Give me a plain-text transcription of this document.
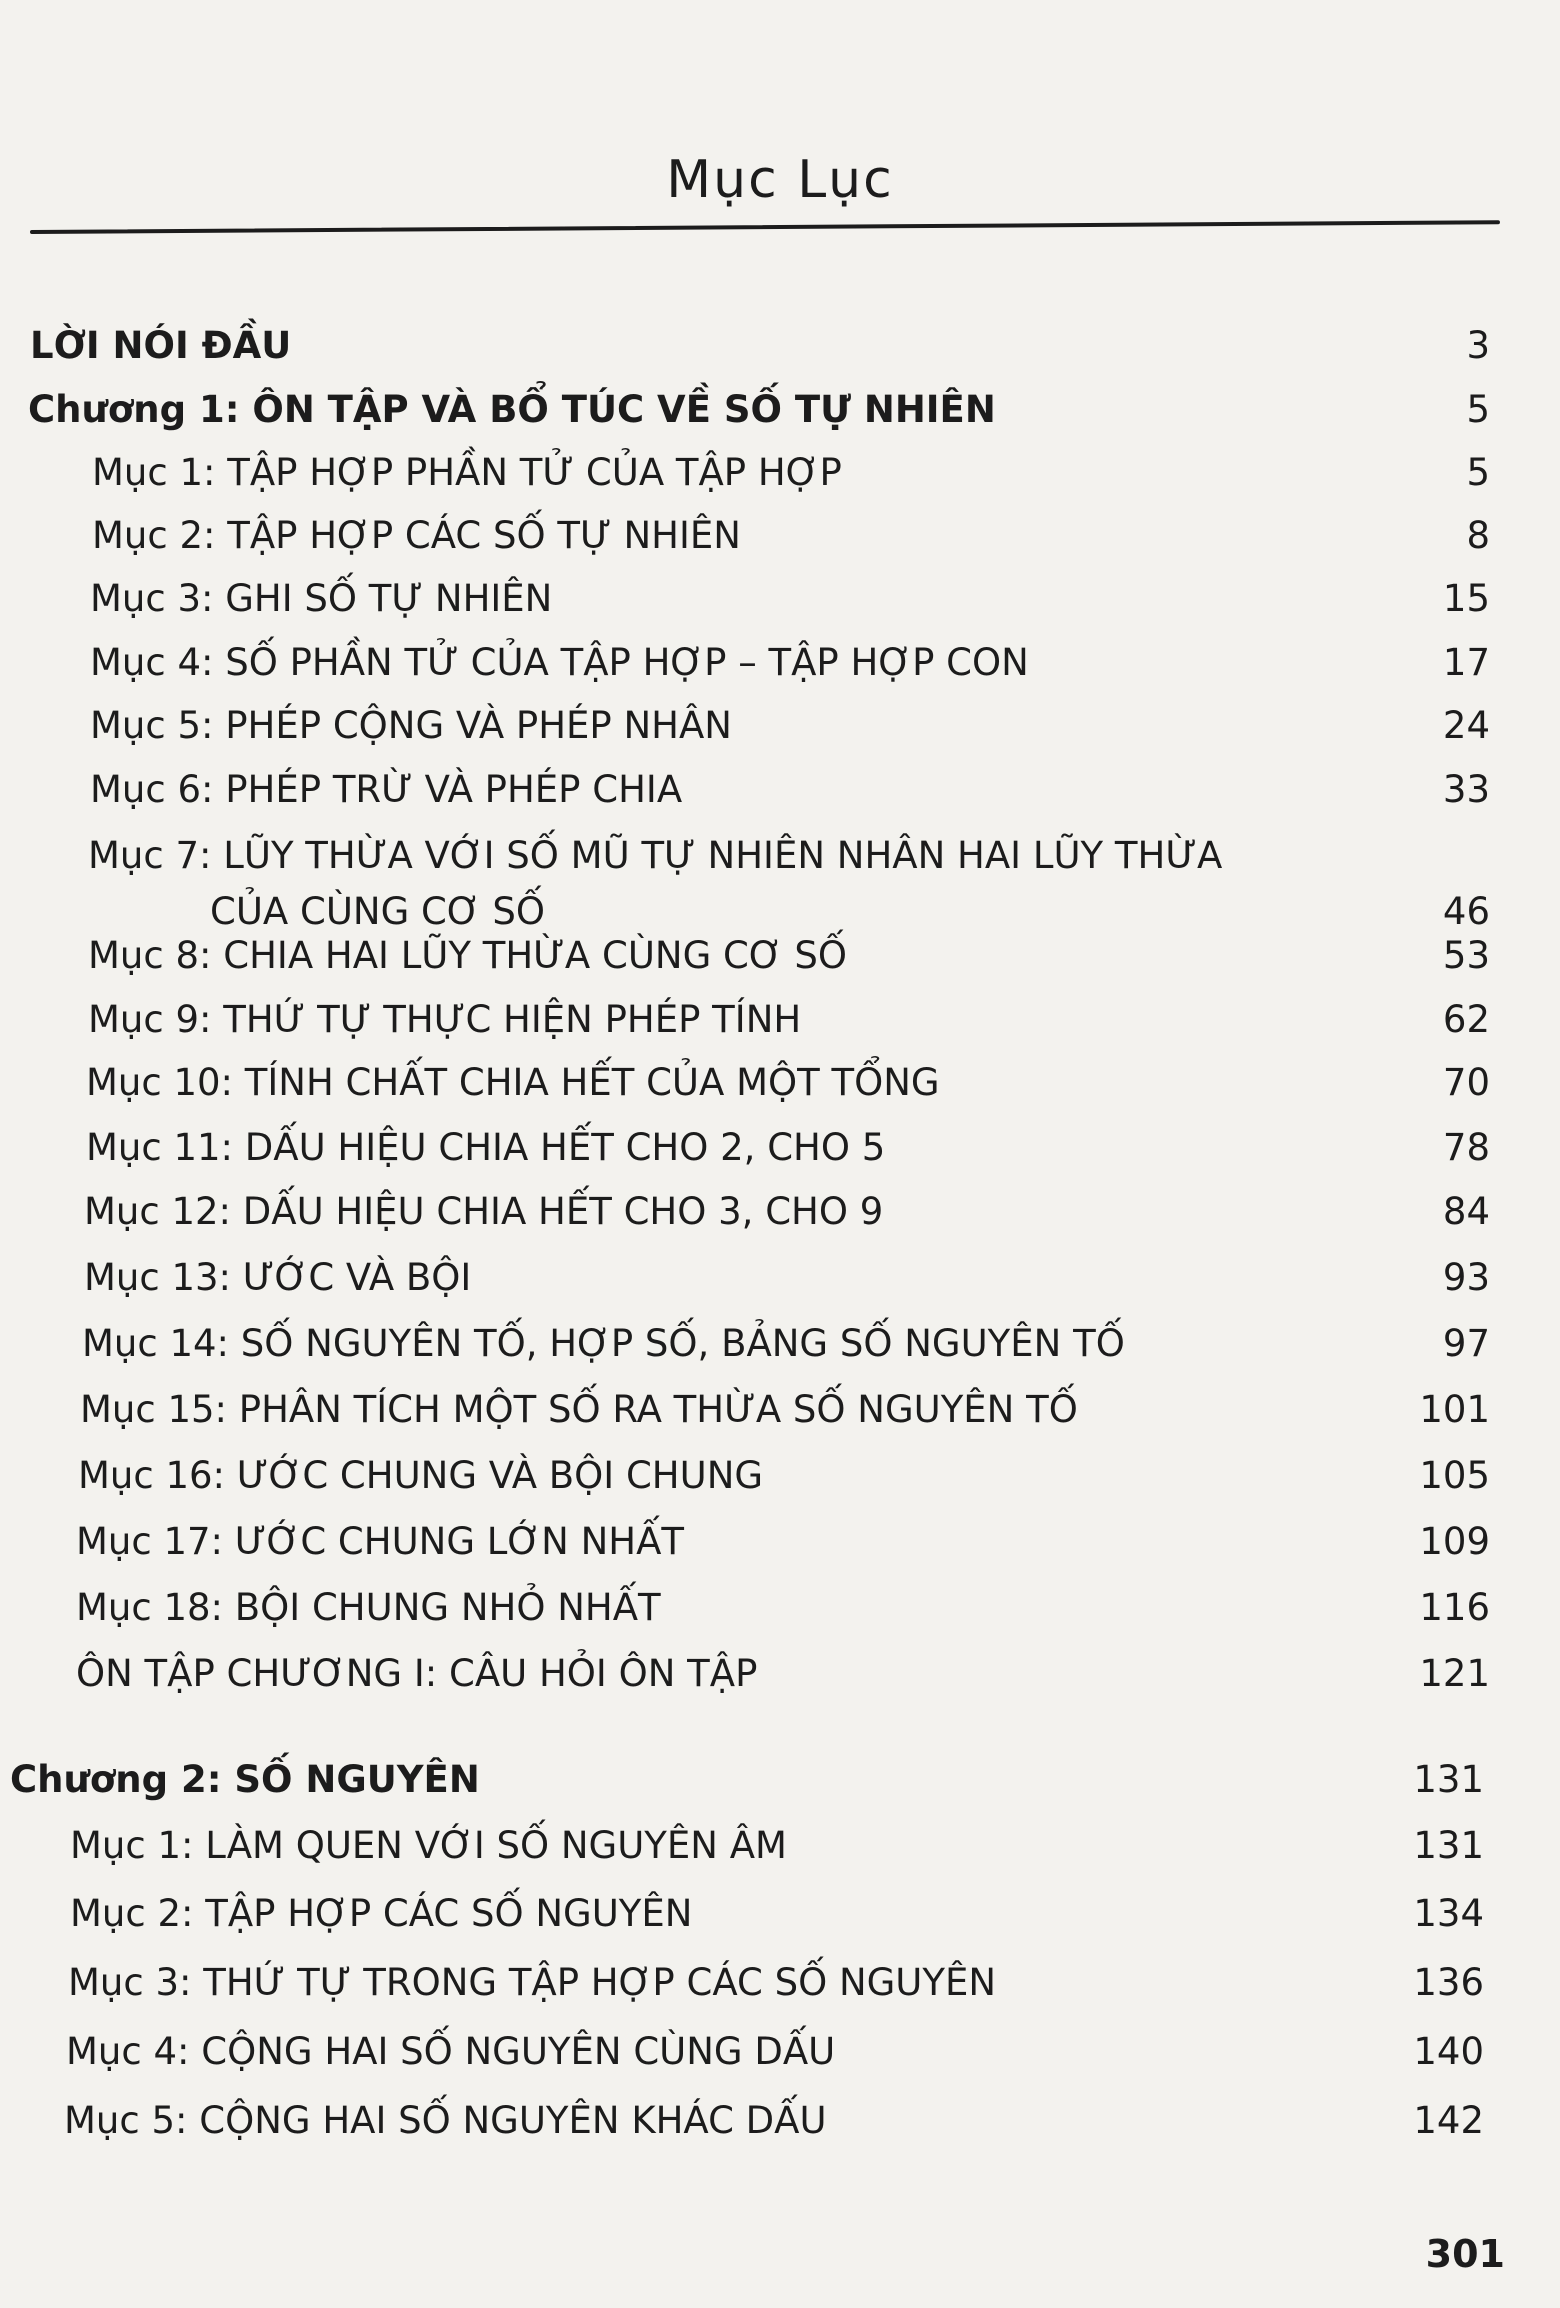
Mục Lục
LỜI NÓI ĐẦU	3
Chương 1: ÔN TẬP VÀ BỔ TÚC VỀ SỐ TỰ NHIÊN	5
Mục 1: TẬP HỢP PHẦN TỬ CỦA TẬP HỢP	5
Mục 2: TẬP HỢP CÁC SỐ TỰ NHIÊN	8
Mục 3: GHI SỐ TỰ NHIÊN	15
Mục 4: SỐ PHẦN TỬ CỦA TẬP HỢP – TẬP HỢP CON	17
Mục 5: PHÉP CỘNG VÀ PHÉP NHÂN	24
Mục 6: PHÉP TRỪ VÀ PHÉP CHIA	33
Mục 7: LŨY THỪA VỚI SỐ MŨ TỰ NHIÊN NHÂN HAI LŨY THỪA
CỦA CÙNG CƠ SỐ	46
Mục 8: CHIA HAI LŨY THỪA CÙNG CƠ SỐ	53
Mục 9: THỨ TỰ THỰC HIỆN PHÉP TÍNH	62
Mục 10: TÍNH CHẤT CHIA HẾT CỦA MỘT TỔNG	70
Mục 11: DẤU HIỆU CHIA HẾT CHO 2, CHO 5	78
Mục 12: DẤU HIỆU CHIA HẾT CHO 3, CHO 9	84
Mục 13: ƯỚC VÀ BỘI	93
Mục 14: SỐ NGUYÊN TỐ, HỢP SỐ, BẢNG SỐ NGUYÊN TỐ	97
Mục 15: PHÂN TÍCH MỘT SỐ RA THỪA SỐ NGUYÊN TỐ	101
Mục 16: ƯỚC CHUNG VÀ BỘI CHUNG	105
Mục 17: ƯỚC CHUNG LỚN NHẤT	109
Mục 18: BỘI CHUNG NHỎ NHẤT	116
ÔN TẬP CHƯƠNG I: CÂU HỎI ÔN TẬP	121
Chương 2: SỐ NGUYÊN	131
Mục 1: LÀM QUEN VỚI SỐ NGUYÊN ÂM	131
Mục 2: TẬP HỢP CÁC SỐ NGUYÊN	134
Mục 3: THỨ TỰ TRONG TẬP HỢP CÁC SỐ NGUYÊN	136
Mục 4: CỘNG HAI SỐ NGUYÊN CÙNG DẤU	140
Mục 5: CỘNG HAI SỐ NGUYÊN KHÁC DẤU	142
301
